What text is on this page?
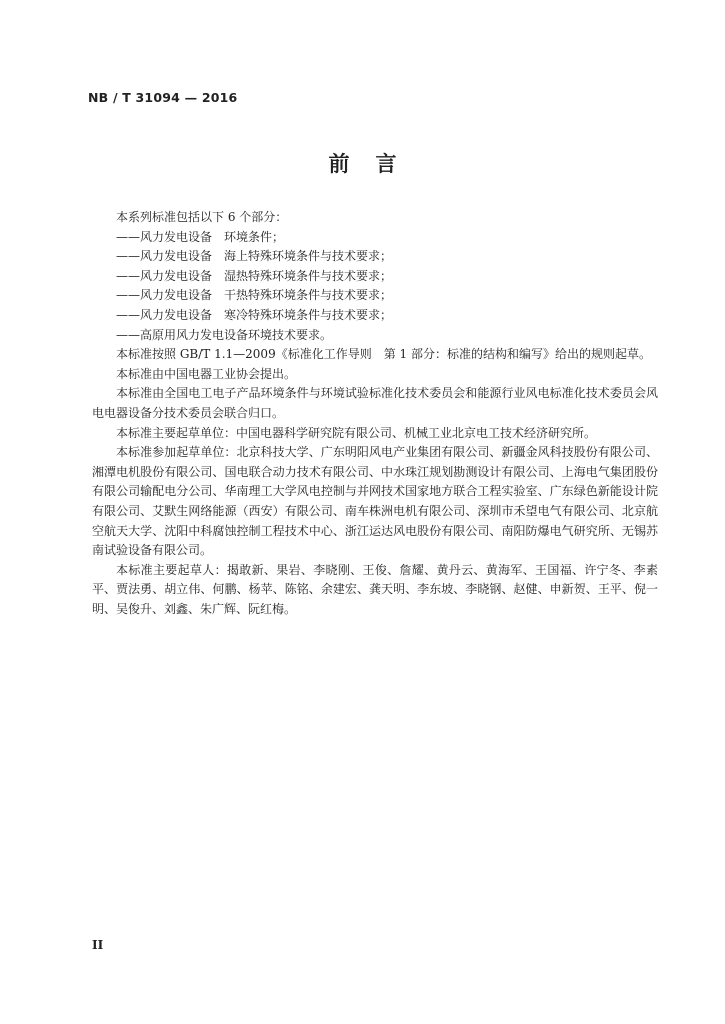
NB / T 31094 — 2016
前言

本系列标准包括以下 6 个部分：

——风力发电设备　环境条件；

——风力发电设备　海上特殊环境条件与技术要求；

——风力发电设备　湿热特殊环境条件与技术要求；

——风力发电设备　干热特殊环境条件与技术要求；

——风力发电设备　寒冷特殊环境条件与技术要求；

——高原用风力发电设备环境技术要求。

本标准按照 GB/T 1.1—2009《标准化工作导则　第 1 部分：标准的结构和编写》给出的规则起草。

本标准由中国电器工业协会提出。

本标准由全国电工电子产品环境条件与环境试验标准化技术委员会和能源行业风电标准化技术委员会风电电器设备分技术委员会联合归口。

本标准主要起草单位：中国电器科学研究院有限公司、机械工业北京电工技术经济研究所。

本标准参加起草单位：北京科技大学、广东明阳风电产业集团有限公司、新疆金风科技股份有限公司、湘潭电机股份有限公司、国电联合动力技术有限公司、中水珠江规划勘测设计有限公司、上海电气集团股份有限公司输配电分公司、华南理工大学风电控制与并网技术国家地方联合工程实验室、广东绿色新能设计院有限公司、艾默生网络能源（西安）有限公司、南车株洲电机有限公司、深圳市禾望电气有限公司、北京航空航天大学、沈阳中科腐蚀控制工程技术中心、浙江运达风电股份有限公司、南阳防爆电气研究所、无锡苏南试验设备有限公司。

本标准主要起草人：揭敢新、果岩、李晓刚、王俊、詹耀、黄丹云、黄海军、王国福、许宁冬、李素平、贾法勇、胡立伟、何鹏、杨苹、陈铭、余建宏、龚天明、李东坡、李晓钢、赵健、申新贺、王平、倪一明、吴俊升、刘鑫、朱广辉、阮红梅。

II
